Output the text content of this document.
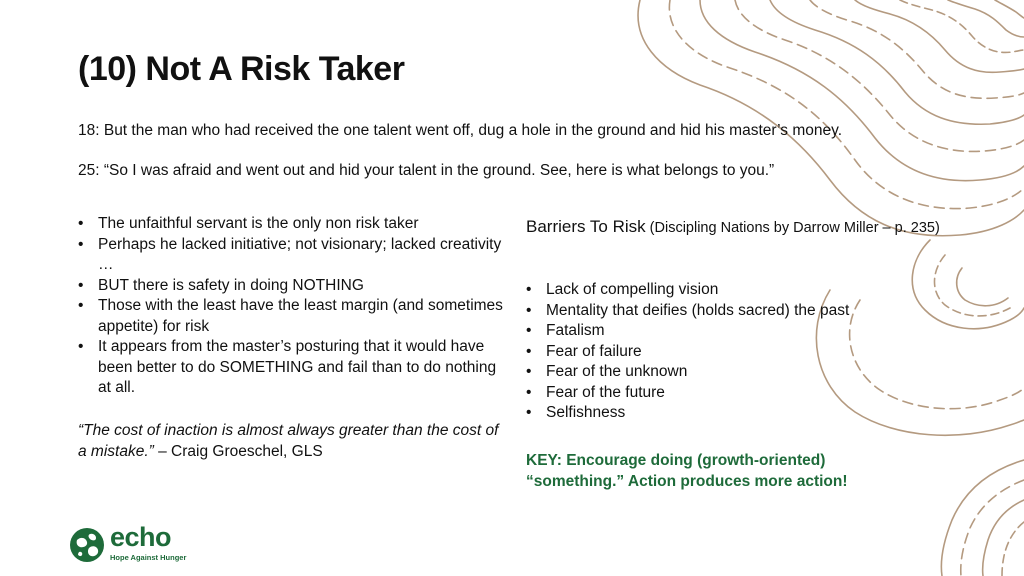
(10) Not A Risk Taker

18: But the man who had received the one talent went off, dug a hole in the ground and hid his master’s money.

25: “So I was afraid and went out and hid your talent in the ground. See, here is what belongs to you.”

• The unfaithful servant is the only non risk taker
• Perhaps he lacked initiative; not visionary; lacked creativity …
• BUT there is safety in doing NOTHING
• Those with the least have the least margin (and sometimes appetite) for risk
• It appears from the master’s posturing that it would have been better to do SOMETHING and fail than to do nothing at all.

“The cost of inaction is almost always greater than the cost of a mistake.” – Craig Groeschel, GLS

Barriers To Risk (Discipling Nations by Darrow Miller – p. 235)

• Lack of compelling vision
• Mentality that deifies (holds sacred) the past
• Fatalism
• Fear of failure
• Fear of the unknown
• Fear of the future
• Selfishness

KEY: Encourage doing (growth-oriented) “something.” Action produces more action!

echo
Hope Against Hunger
